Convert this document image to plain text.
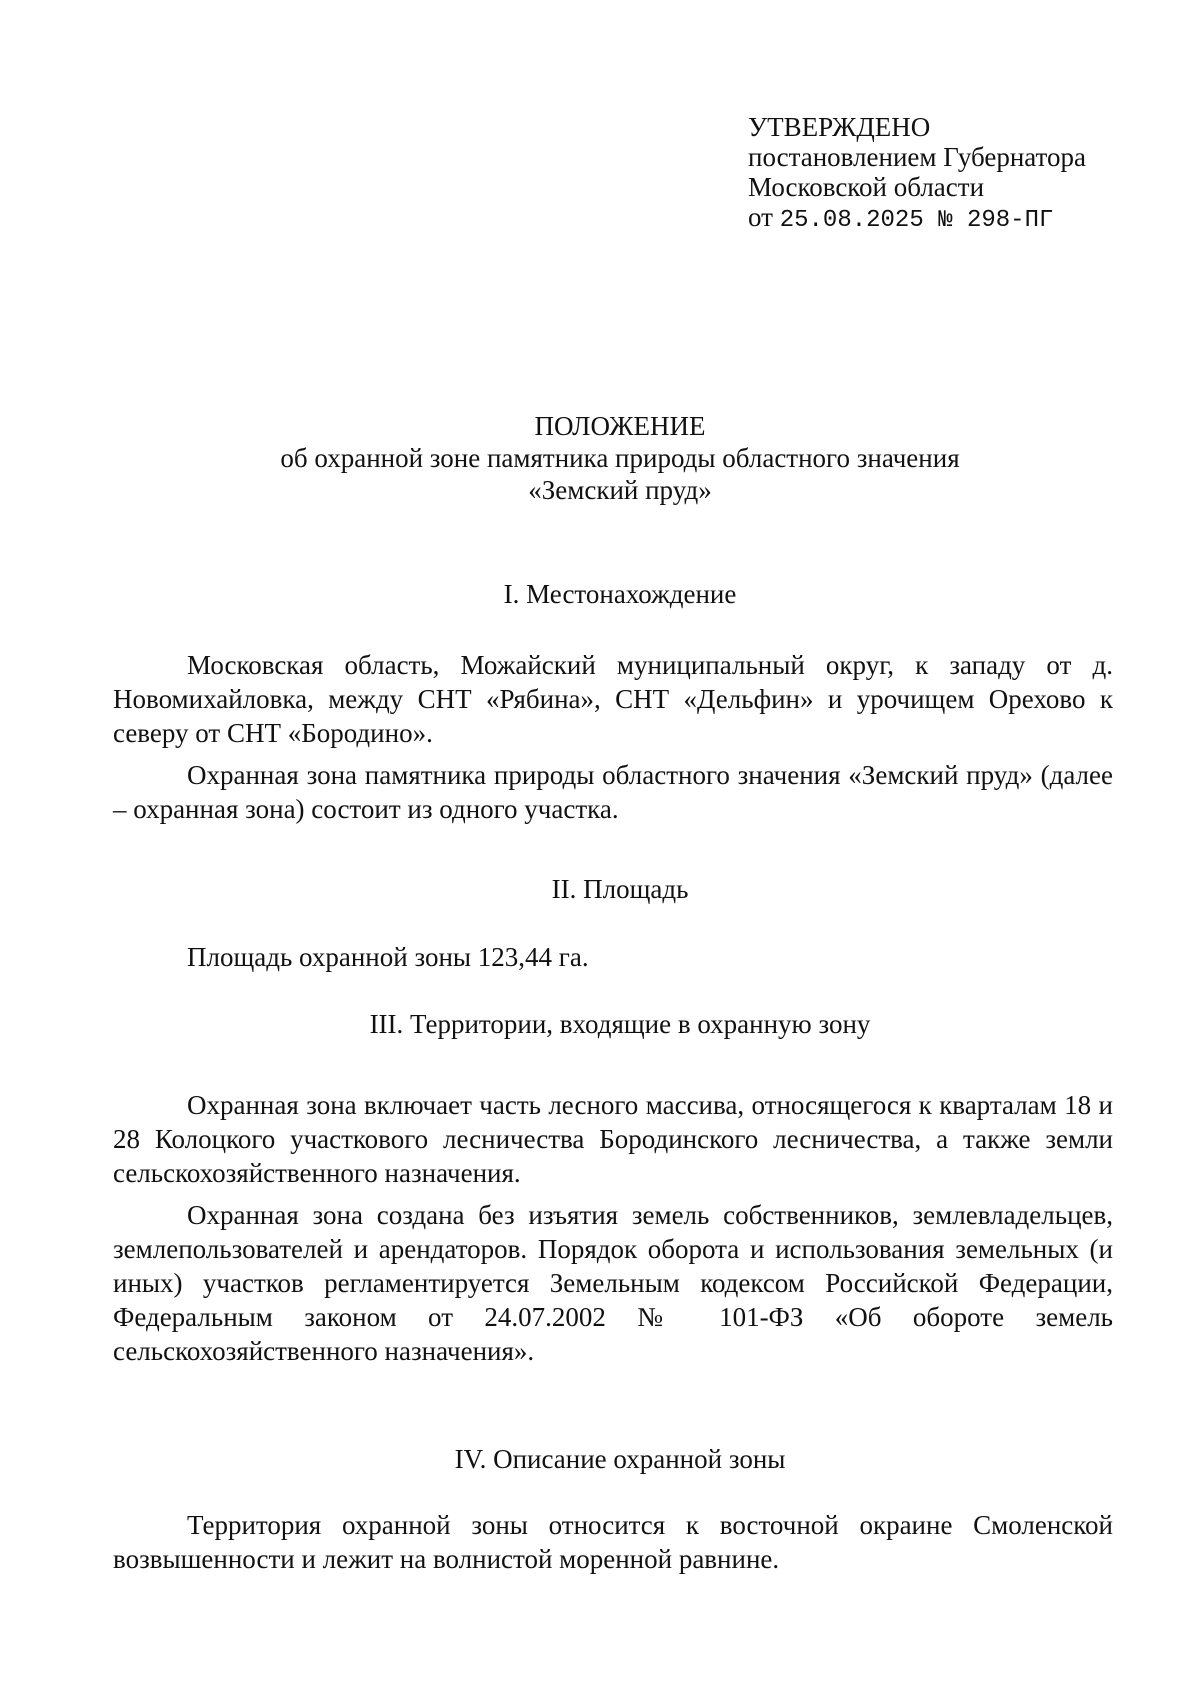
УТВЕРЖДЕНО
постановлением Губернатора
Московской области
от 25.08.2025 № 298-ПГ
ПОЛОЖЕНИЕ
об охранной зоне памятника природы областного значения
«Земский пруд»
I. Местонахождение
Московская область, Можайский муниципальный округ, к западу от д. Новомихайловка, между СНТ «Рябина», СНТ «Дельфин» и урочищем Орехово к северу от СНТ «Бородино».
Охранная зона памятника природы областного значения «Земский пруд» (далее – охранная зона) состоит из одного участка.
II. Площадь
Площадь охранной зоны 123,44 га.
III. Территории, входящие в охранную зону
Охранная зона включает часть лесного массива, относящегося к кварталам 18 и 28 Колоцкого участкового лесничества Бородинского лесничества, а также земли сельскохозяйственного назначения.
Охранная зона создана без изъятия земель собственников, землевладельцев, землепользователей и арендаторов. Порядок оборота и использования земельных (и иных) участков регламентируется Земельным кодексом Российской Федерации, Федеральным законом от 24.07.2002 № 101-ФЗ «Об обороте земель сельскохозяйственного назначения».
IV. Описание охранной зоны
Территория охранной зоны относится к восточной окраине Смоленской возвышенности и лежит на волнистой моренной равнине.
